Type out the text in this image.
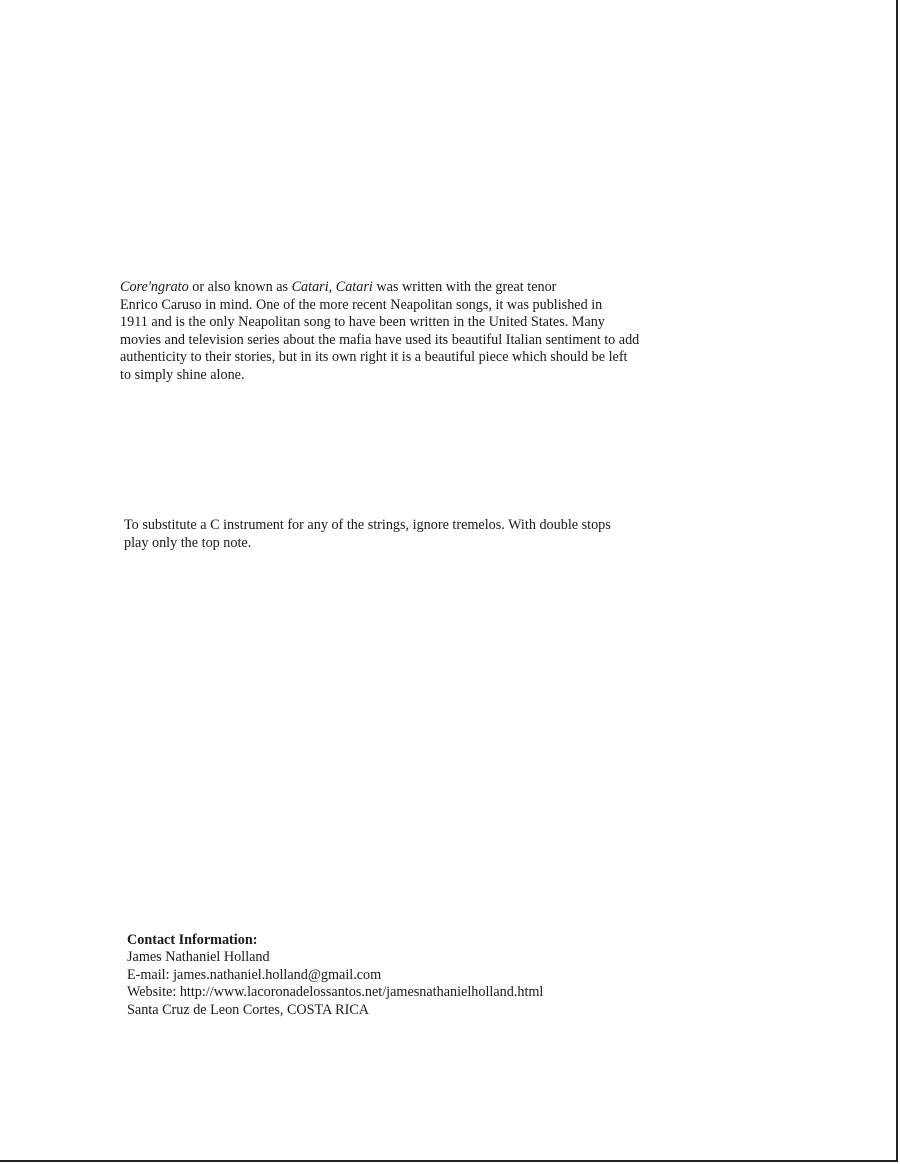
Core'ngrato or also known as Catari, Catari was written with the great tenor
Enrico Caruso in mind. One of the more recent Neapolitan songs, it was published in
1911 and is the only Neapolitan song to have been written in the United States. Many
movies and television series about the mafia have used its beautiful Italian sentiment to add
authenticity to their stories, but in its own right it is a beautiful piece which should be left
to simply shine alone.

To substitute a C instrument for any of the strings, ignore tremelos. With double stops
play only the top note.

Contact Information:
James Nathaniel Holland
E-mail: james.nathaniel.holland@gmail.com
Website: http://www.lacoronadelossantos.net/jamesnathanielholland.html
Santa Cruz de Leon Cortes, COSTA RICA
